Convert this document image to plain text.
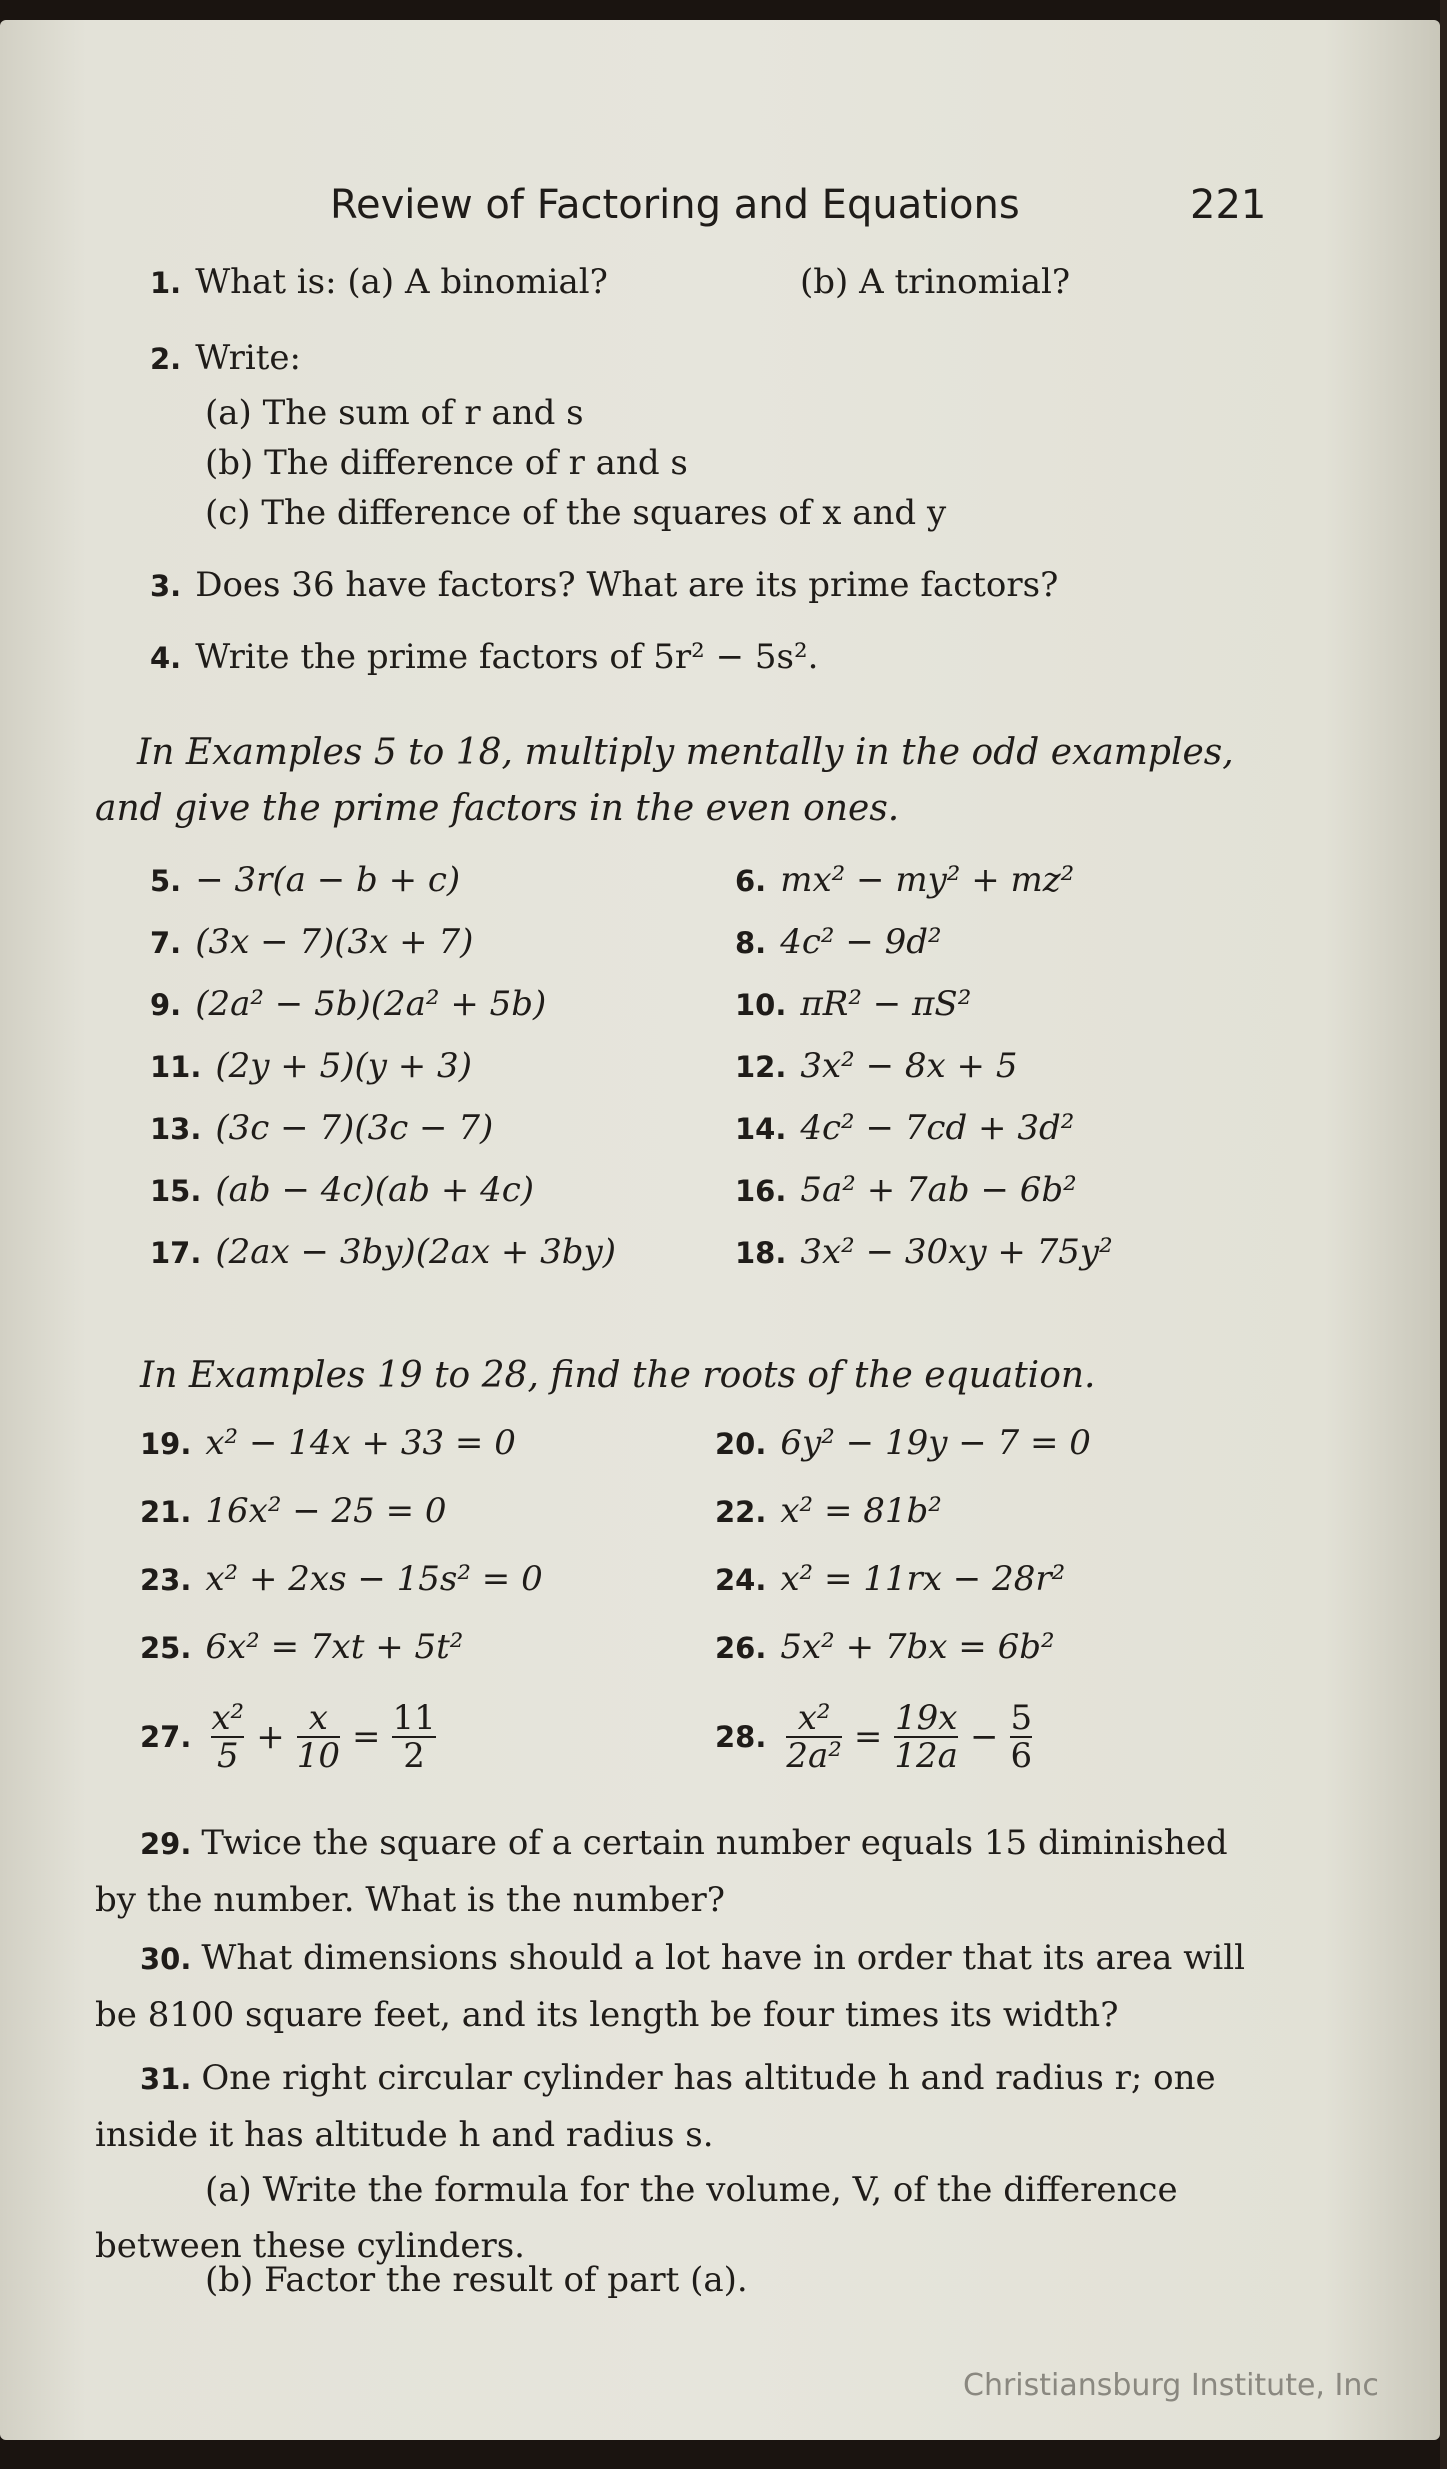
Review of Factoring and Equations	221
1. What is: (a) A binomial?	(b) A trinomial?
2. Write:
(a) The sum of r and s
(b) The difference of r and s
(c) The difference of the squares of x and y
3. Does 36 have factors? What are its prime factors?
4. Write the prime factors of 5r² − 5s².
In Examples 5 to 18, multiply mentally in the odd examples, and give the prime factors in the even ones.
5. − 3r(a − b + c)	6. mx² − my² + mz²
7. (3x − 7)(3x + 7)	8. 4c² − 9d²
9. (2a² − 5b)(2a² + 5b)	10. πR² − πS²
11. (2y + 5)(y + 3)	12. 3x² − 8x + 5
13. (3c − 7)(3c − 7)	14. 4c² − 7cd + 3d²
15. (ab − 4c)(ab + 4c)	16. 5a² + 7ab − 6b²
17. (2ax − 3by)(2ax + 3by)	18. 3x² − 30xy + 75y²
In Examples 19 to 28, find the roots of the equation.
19. x² − 14x + 33 = 0	20. 6y² − 19y − 7 = 0
21. 16x² − 25 = 0	22. x² = 81b²
23. x² + 2xs − 15s² = 0	24. x² = 11rx − 28r²
25. 6x² = 7xt + 5t²	26. 5x² + 7bx = 6b²
27. $\frac{\text{x²}}{5} + \frac{x}{10} = \frac{11}{2}$	28. $\frac{\text{x²}}{\text{2a²}} = \frac{19x}{12a} - \frac{5}{6}$
29. Twice the square of a certain number equals 15 diminished by the number. What is the number?
30. What dimensions should a lot have in order that its area will be 8100 square feet, and its length be four times its width?
31. One right circular cylinder has altitude h and radius r; one inside it has altitude h and radius s.
(a) Write the formula for the volume, V, of the difference between these cylinders.
(b) Factor the result of part (a).
Christiansburg Institute, Inc
